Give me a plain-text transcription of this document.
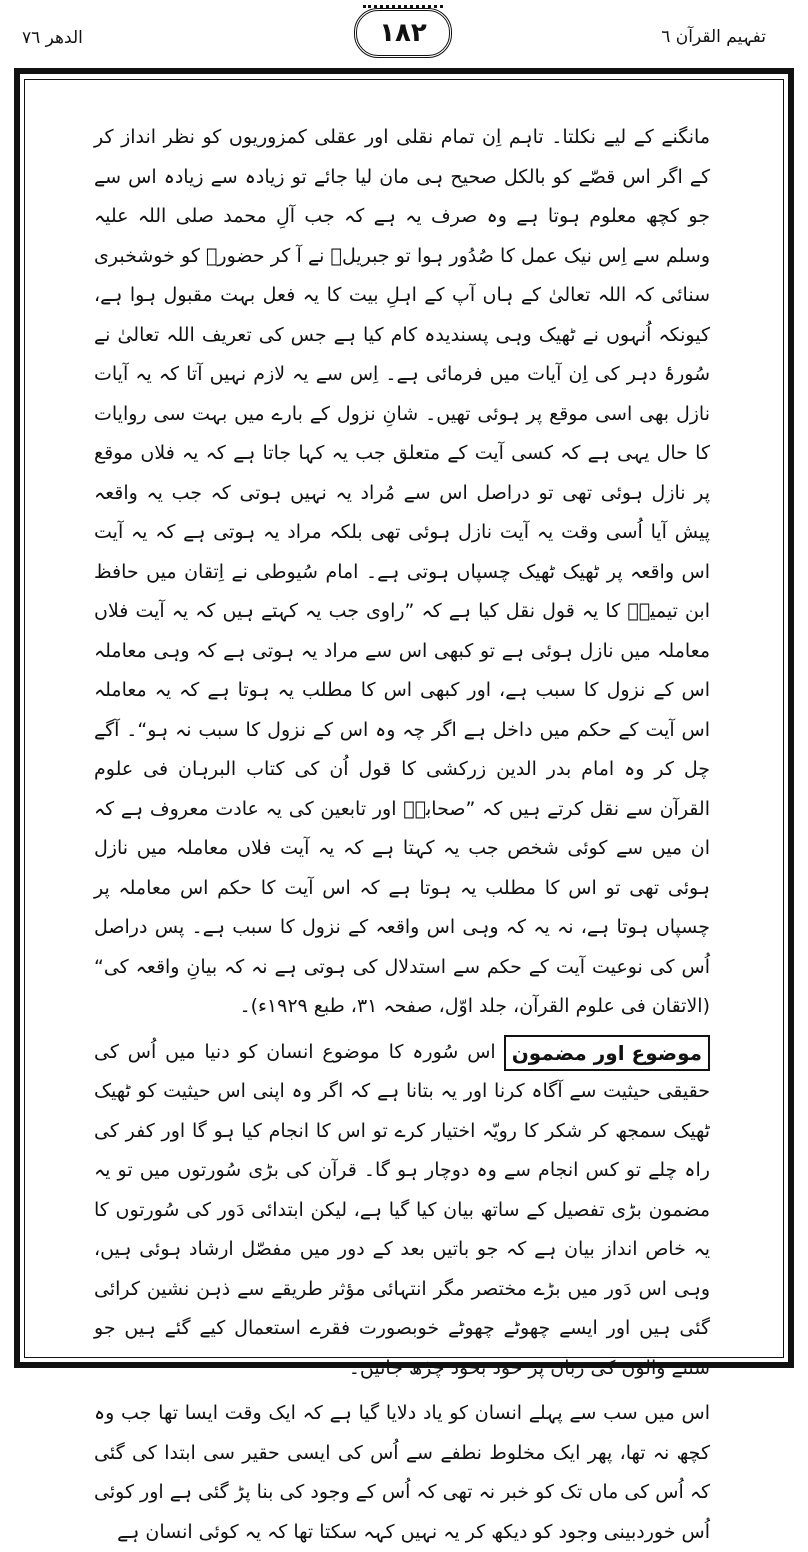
الدھر ٧٦	١٨٢	تفہیم القرآن ٦

مانگنے کے لیے نکلتا۔ تاہم اِن تمام نقلی اور عقلی کمزوریوں کو نظر انداز کر کے اگر اس قصّے کو بالکل صحیح ہی مان لیا جائے تو زیادہ سے زیادہ اس سے جو کچھ معلوم ہوتا ہے وہ صرف یہ ہے کہ جب آلِ محمد صلی اللہ علیہ وسلم سے اِس نیک عمل کا صُدُور ہوا تو جبریلؑ نے آ کر حضورؐ کو خوشخبری سنائی کہ اللہ تعالیٰ کے ہاں آپ کے اہلِ بیت کا یہ فعل بہت مقبول ہوا ہے، کیونکہ اُنہوں نے ٹھیک وہی پسندیدہ کام کیا ہے جس کی تعریف اللہ تعالیٰ نے سُورۂ دہر کی اِن آیات میں فرمائی ہے۔ اِس سے یہ لازم نہیں آتا کہ یہ آیات نازل بھی اسی موقع پر ہوئی تھیں۔ شانِ نزول کے بارے میں بہت سی روایات کا حال یہی ہے کہ کسی آیت کے متعلق جب یہ کہا جاتا ہے کہ یہ فلاں موقع پر نازل ہوئی تھی تو دراصل اس سے مُراد یہ نہیں ہوتی کہ جب یہ واقعہ پیش آیا اُسی وقت یہ آیت نازل ہوئی تھی بلکہ مراد یہ ہوتی ہے کہ یہ آیت اس واقعہ پر ٹھیک ٹھیک چسپاں ہوتی ہے۔ امام سُیوطی نے اِتقان میں حافظ ابن تیمیہؒ کا یہ قول نقل کیا ہے کہ ”راوی جب یہ کہتے ہیں کہ یہ آیت فلاں معاملہ میں نازل ہوئی ہے تو کبھی اس سے مراد یہ ہوتی ہے کہ وہی معاملہ اس کے نزول کا سبب ہے، اور کبھی اس کا مطلب یہ ہوتا ہے کہ یہ معاملہ اس آیت کے حکم میں داخل ہے اگر چہ وہ اس کے نزول کا سبب نہ ہو“۔ آگے چل کر وہ امام بدر الدین زرکشی کا قول اُن کی کتاب البرہان فی علوم القرآن سے نقل کرتے ہیں کہ ”صحابہؓ اور تابعین کی یہ عادت معروف ہے کہ ان میں سے کوئی شخص جب یہ کہتا ہے کہ یہ آیت فلاں معاملہ میں نازل ہوئی تھی تو اس کا مطلب یہ ہوتا ہے کہ اس آیت کا حکم اس معاملہ پر چسپاں ہوتا ہے، نہ یہ کہ وہی اس واقعہ کے نزول کا سبب ہے۔ پس دراصل اُس کی نوعیت آیت کے حکم سے استدلال کی ہوتی ہے نہ کہ بیانِ واقعہ کی“ (الاتقان فی علوم القرآن، جلد اوّل، صفحہ ۳۱، طبع ۱۹۲۹ء)۔

موضوع اور مضمون
اس سُورہ کا موضوع انسان کو دنیا میں اُس کی حقیقی حیثیت سے آگاہ کرنا اور یہ بتانا ہے کہ اگر وہ اپنی اس حیثیت کو ٹھیک ٹھیک سمجھ کر شکر کا رویّہ اختیار کرے تو اس کا انجام کیا ہو گا اور کفر کی راہ چلے تو کس انجام سے وہ دوچار ہو گا۔ قرآن کی بڑی سُورتوں میں تو یہ مضمون بڑی تفصیل کے ساتھ بیان کیا گیا ہے، لیکن ابتدائی دَور کی سُورتوں کا یہ خاص انداز بیان ہے کہ جو باتیں بعد کے دور میں مفصّل ارشاد ہوئی ہیں، وہی اس دَور میں بڑے مختصر مگر انتہائی مؤثر طریقے سے ذہن نشین کرائی گئی ہیں اور ایسے چھوٹے چھوٹے خوبصورت فقرے استعمال کیے گئے ہیں جو سننے والوں کی زبان پر خود بخود چڑھ جائیں۔

اس میں سب سے پہلے انسان کو یاد دلایا گیا ہے کہ ایک وقت ایسا تھا جب وہ کچھ نہ تھا، پھر ایک مخلوط نطفے سے اُس کی ایسی حقیر سی ابتدا کی گئی کہ اُس کی ماں تک کو خبر نہ تھی کہ اُس کے وجود کی بنا پڑ گئی ہے اور کوئی اُس خوردبینی وجود کو دیکھ کر یہ نہیں کہہ سکتا تھا کہ یہ کوئی انسان ہے
